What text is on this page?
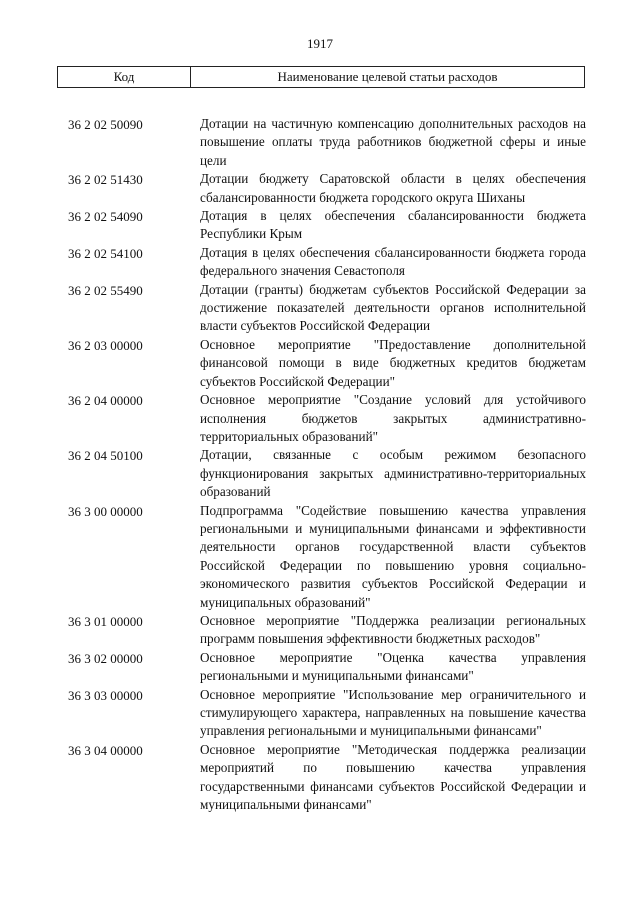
1917
Код	Наименование целевой статьи расходов
36 2 02 50090	Дотации на частичную компенсацию дополнительных расходов на повышение оплаты труда работников бюджетной сферы и иные цели
36 2 02 51430	Дотации бюджету Саратовской области в целях обеспечения сбалансированности бюджета городского округа Шиханы
36 2 02 54090	Дотация в целях обеспечения сбалансированности бюджета Республики Крым
36 2 02 54100	Дотация в целях обеспечения сбалансированности бюджета города федерального значения Севастополя
36 2 02 55490	Дотации (гранты) бюджетам субъектов Российской Федерации за достижение показателей деятельности органов исполнительной власти субъектов Российской Федерации
36 2 03 00000	Основное мероприятие "Предоставление дополнительной финансовой помощи в виде бюджетных кредитов бюджетам субъектов Российской Федерации"
36 2 04 00000	Основное мероприятие "Создание условий для устойчивого исполнения бюджетов закрытых административно-территориальных образований"
36 2 04 50100	Дотации, связанные с особым режимом безопасного функционирования закрытых административно-территориальных образований
36 3 00 00000	Подпрограмма "Содействие повышению качества управления региональными и муниципальными финансами и эффективности деятельности органов государственной власти субъектов Российской Федерации по повышению уровня социально-экономического развития субъектов Российской Федерации и муниципальных образований"
36 3 01 00000	Основное мероприятие "Поддержка реализации региональных программ повышения эффективности бюджетных расходов"
36 3 02 00000	Основное мероприятие "Оценка качества управления региональными и муниципальными финансами"
36 3 03 00000	Основное мероприятие "Использование мер ограничительного и стимулирующего характера, направленных на повышение качества управления региональными и муниципальными финансами"
36 3 04 00000	Основное мероприятие "Методическая поддержка реализации мероприятий по повышению качества управления государственными финансами субъектов Российской Федерации и муниципальными финансами"
